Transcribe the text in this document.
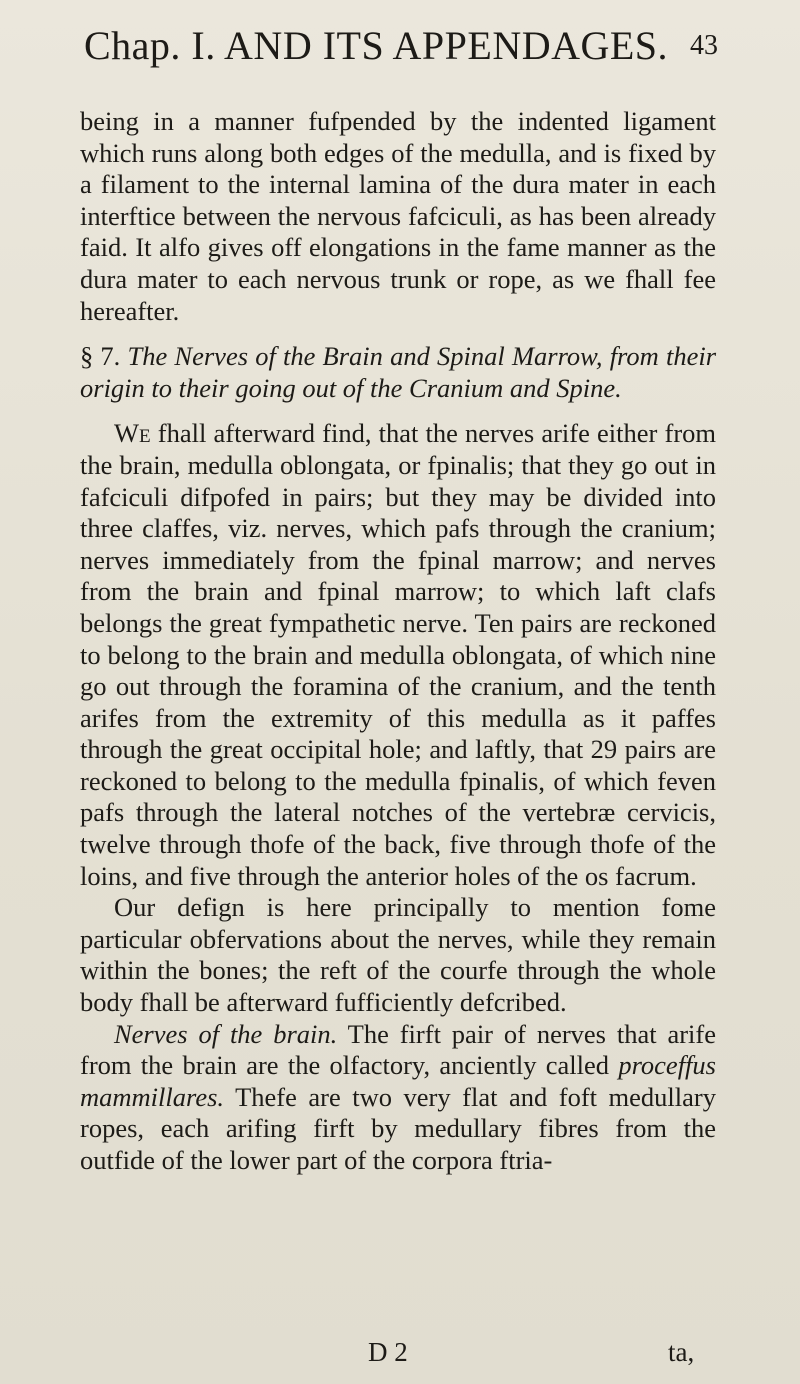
Chap. I. AND ITS APPENDAGES. 43

being in a manner fufpended by the indented ligament which runs along both edges of the medulla, and is fixed by a filament to the internal lamina of the dura mater in each interftice between the nervous fafciculi, as has been already faid. It alfo gives off elongations in the fame manner as the dura mater to each nervous trunk or rope, as we fhall fee hereafter.

§ 7. The Nerves of the Brain and Spinal Marrow, from their origin to their going out of the Cranium and Spine.

We fhall afterward find, that the nerves arife either from the brain, medulla oblongata, or fpinalis; that they go out in fafciculi difpofed in pairs; but they may be divided into three claffes, viz. nerves, which pafs through the cranium; nerves immediately from the fpinal marrow; and nerves from the brain and fpinal marrow; to which laft clafs belongs the great fympathetic nerve. Ten pairs are reckoned to belong to the brain and medulla oblongata, of which nine go out through the foramina of the cranium, and the tenth arifes from the extremity of this medulla as it paffes through the great occipital hole; and laftly, that 29 pairs are reckoned to belong to the medulla fpinalis, of which feven pafs through the lateral notches of the vertebræ cervicis, twelve through thofe of the back, five through thofe of the loins, and five through the anterior holes of the os facrum.

Our defign is here principally to mention fome particular obfervations about the nerves, while they remain within the bones; the reft of the courfe through the whole body fhall be afterward fufficiently defcribed.

Nerves of the brain. The firft pair of nerves that arife from the brain are the olfactory, anciently called proceffus mammillares. Thefe are two very flat and foft medullary ropes, each arifing firft by medullary fibres from the outfide of the lower part of the corpora ftria-

D 2	ta,
